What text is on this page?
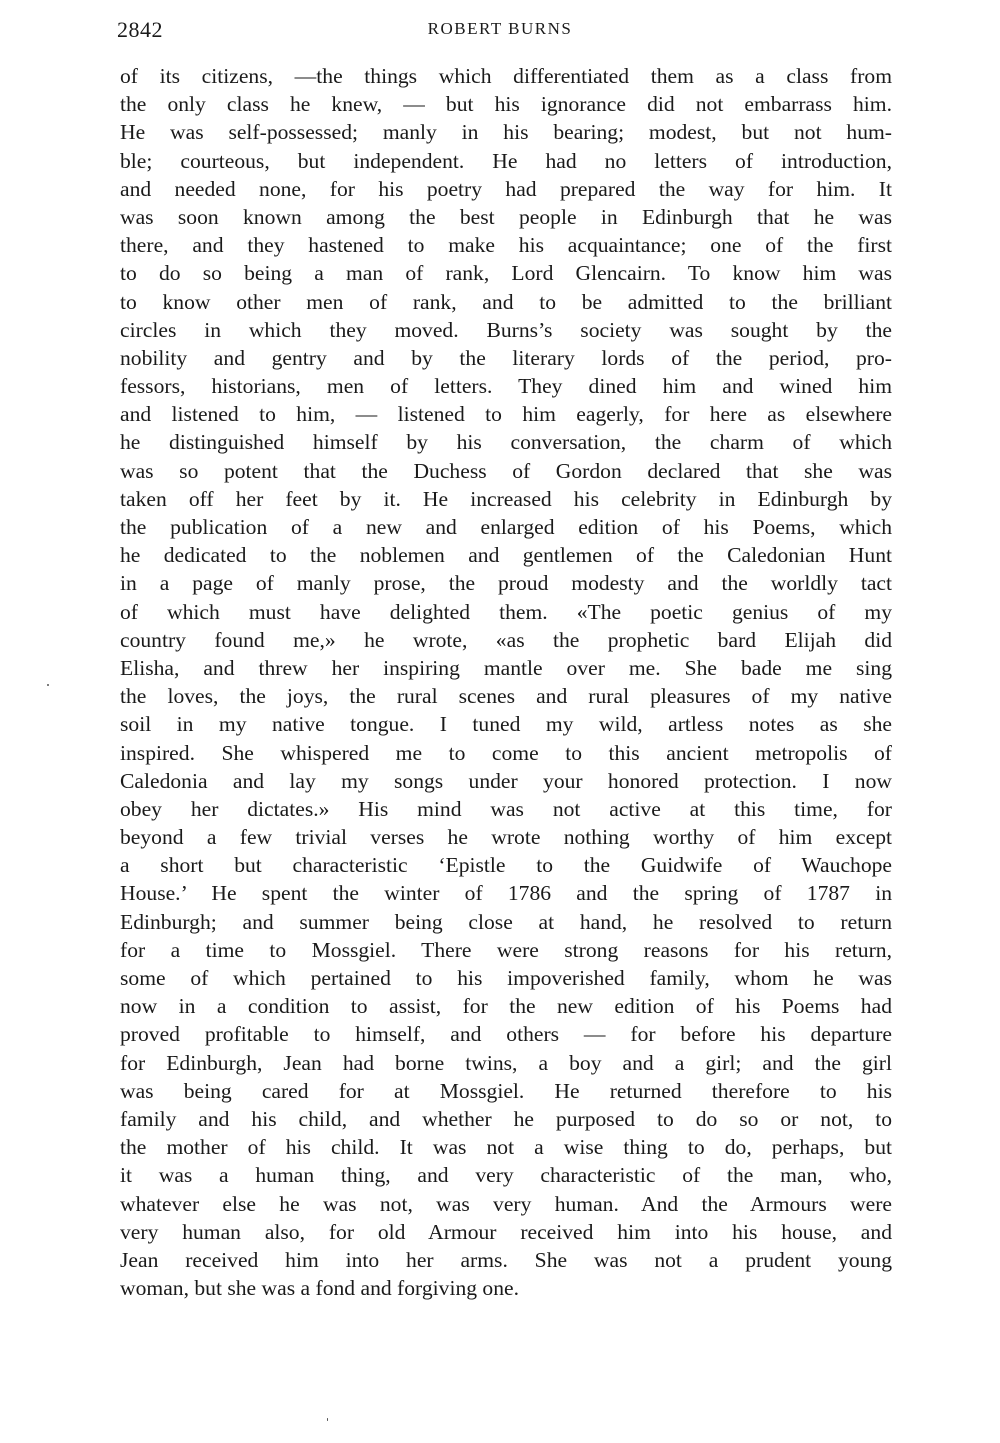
2842	ROBERT BURNS
of its citizens, —the things which differentiated them as a class from
the only class he knew, — but his ignorance did not embarrass him.
He was self-possessed; manly in his bearing; modest, but not hum-
ble; courteous, but independent. He had no letters of introduction,
and needed none, for his poetry had prepared the way for him. It
was soon known among the best people in Edinburgh that he was
there, and they hastened to make his acquaintance; one of the first
to do so being a man of rank, Lord Glencairn. To know him was
to know other men of rank, and to be admitted to the brilliant
circles in which they moved. Burns’s society was sought by the
nobility and gentry and by the literary lords of the period, pro-
fessors, historians, men of letters. They dined him and wined him
and listened to him, — listened to him eagerly, for here as elsewhere
he distinguished himself by his conversation, the charm of which
was so potent that the Duchess of Gordon declared that she was
taken off her feet by it. He increased his celebrity in Edinburgh by
the publication of a new and enlarged edition of his Poems, which
he dedicated to the noblemen and gentlemen of the Caledonian Hunt
in a page of manly prose, the proud modesty and the worldly tact
of which must have delighted them. «The poetic genius of my
country found me,» he wrote, «as the prophetic bard Elijah did
Elisha, and threw her inspiring mantle over me. She bade me sing
the loves, the joys, the rural scenes and rural pleasures of my native
soil in my native tongue. I tuned my wild, artless notes as she
inspired. She whispered me to come to this ancient metropolis of
Caledonia and lay my songs under your honored protection. I now
obey her dictates.» His mind was not active at this time, for
beyond a few trivial verses he wrote nothing worthy of him except
a short but characteristic ‘Epistle to the Guidwife of Wauchope
House.’ He spent the winter of 1786 and the spring of 1787 in
Edinburgh; and summer being close at hand, he resolved to return
for a time to Mossgiel. There were strong reasons for his return,
some of which pertained to his impoverished family, whom he was
now in a condition to assist, for the new edition of his Poems had
proved profitable to himself, and others — for before his departure
for Edinburgh, Jean had borne twins, a boy and a girl; and the girl
was being cared for at Mossgiel. He returned therefore to his
family and his child, and whether he purposed to do so or not, to
the mother of his child. It was not a wise thing to do, perhaps, but
it was a human thing, and very characteristic of the man, who,
whatever else he was not, was very human. And the Armours were
very human also, for old Armour received him into his house, and
Jean received him into her arms. She was not a prudent young
woman, but she was a fond and forgiving one.
